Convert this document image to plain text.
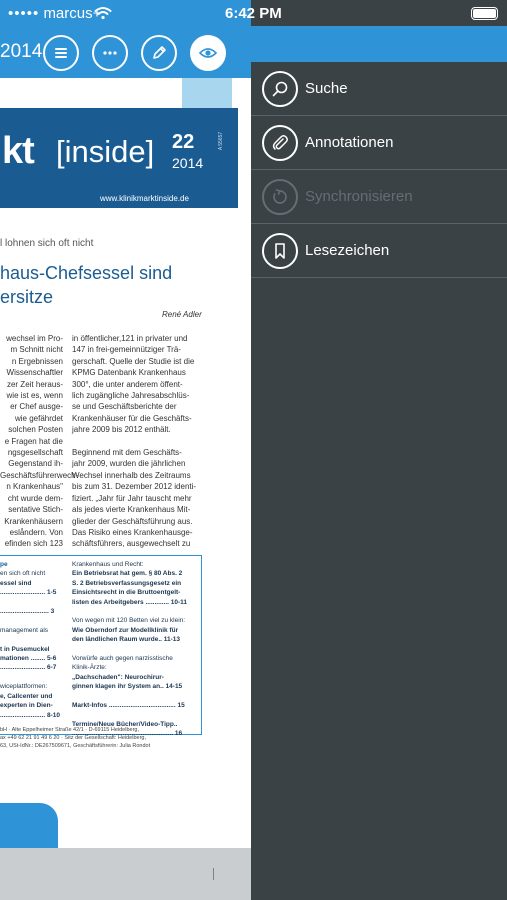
2014
kt [inside] 22
2014
A 55657
www.klinikmarktinside.de
l lohnen sich oft nicht
haus-Chefsessel sind
ersitze
René Adler
wechsel im Pro-
m Schnitt nicht
n Ergebnissen
Wissenschaftler
zer Zeit heraus-
wie ist es, wenn
er Chef ausge-
wie gefährdet
solchen Posten
e Fragen hat die
ngsgesellschaft
Gegenstand ih-
Geschäftsführerwech-
n Krankenhaus"
cht wurde dem-
sentative Stich-
Krankenhäusern
eslåndern. Von
efinden sich 123
in öffentlicher,121 in privater und
147 in frei-gemeinnütziger Trä-
gerschaft. Quelle der Studie ist die
KPMG Datenbank Krankenhaus
300°, die unter anderem öffent-
lich zugängliche Jahresabschlüs-
se und Geschäftsberichte der
Krankenhäuser für die Geschäfts-
jahre 2009 bis 2012 enthält.

Beginnend mit dem Geschäfts-
jahr 2009, wurden die jährlichen
Wechsel innerhalb des Zeitraums
bis zum 31. Dezember 2012 identi-
fiziert. „Jahr für Jahr tauscht mehr
als jedes vierte Krankenhaus Mit-
glieder der Geschäftsführung aus.
Das Risiko eines Krankenhausge-
schäftsführers, ausgewechselt zu
pe
en sich oft nicht
essel sind
......................... 1-5

........................... 3

management als

t in Pusemuckel
mationen ........ 5-6
......................... 6-7

wiceplattformen:
e, Callcenter und
experten in Dien-
......................... 8-10
Krankenhaus und Recht:
Ein Betriebsrat hat gem. § 80 Abs. 2
S. 2 Betriebsverfassungsgesetz ein
Einsichtsrecht in die Bruttoentgelt-
listen des Arbeitgebers ............. 10-11

Von wegen mit 120 Betten viel zu klein:
Wie Oberndorf zur Modellklinik für
den ländlichen Raum wurde.. 11-13

Vorwürfe auch gegen narzisstische
Klinik-Ärzte:
„Dachschaden": Neurochirur-
ginnen klagen ihr System an.. 14-15

Markt-Infos ..................................... 15

Termine/Neue Bücher/Video-Tipp..
........................................................ 16
bH · Alte Eppelheimer Straße 42/1 · D-69115 Heidelberg,
ax +49 62 21 91 49 6 20 · Sitz der Gesellschaft: Heidelberg,
63, USt-IdNr.: DE267509671, Geschäftsführerin: Julia Rondot
Suche
Annotationen
Synchronisieren
Lesezeichen
••••• marcus+	6:42 PM
